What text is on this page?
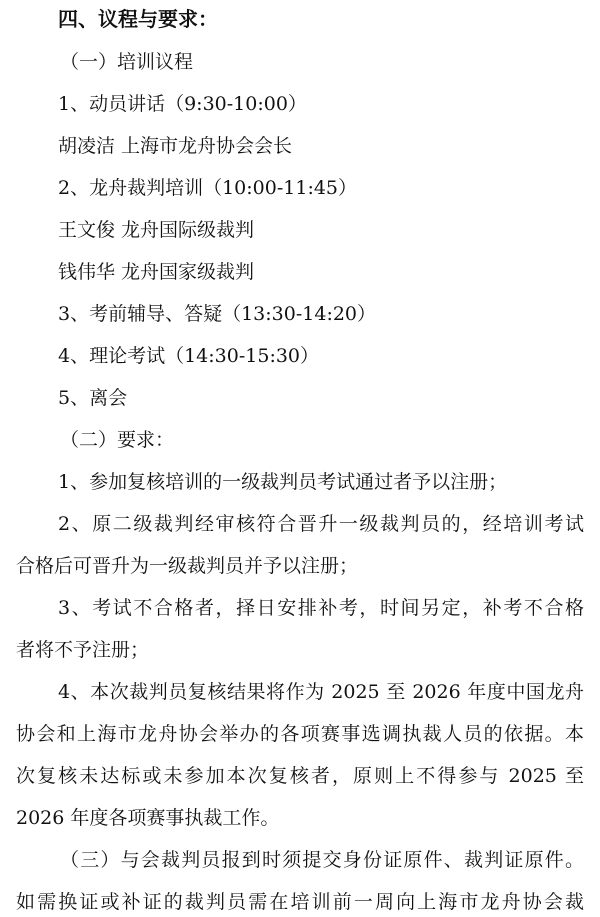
四、议程与要求：
（一）培训议程
1、动员讲话（9:30-10:00）
胡凌洁 上海市龙舟协会会长
2、龙舟裁判培训（10:00-11:45）
王文俊 龙舟国际级裁判
钱伟华 龙舟国家级裁判
3、考前辅导、答疑（13:30-14:20）
4、理论考试（14:30-15:30）
5、离会
（二）要求：
1、参加复核培训的一级裁判员考试通过者予以注册；
2、原二级裁判经审核符合晋升一级裁判员的，经培训考试
合格后可晋升为一级裁判员并予以注册；
3、考试不合格者，择日安排补考，时间另定，补考不合格
者将不予注册；
4、本次裁判员复核结果将作为 2025 至 2026 年度中国龙舟
协会和上海市龙舟协会举办的各项赛事选调执裁人员的依据。本
次复核未达标或未参加本次复核者，原则上不得参与 2025 至
2026 年度各项赛事执裁工作。
（三）与会裁判员报到时须提交身份证原件、裁判证原件。
如需换证或补证的裁判员需在培训前一周向上海市龙舟协会裁
